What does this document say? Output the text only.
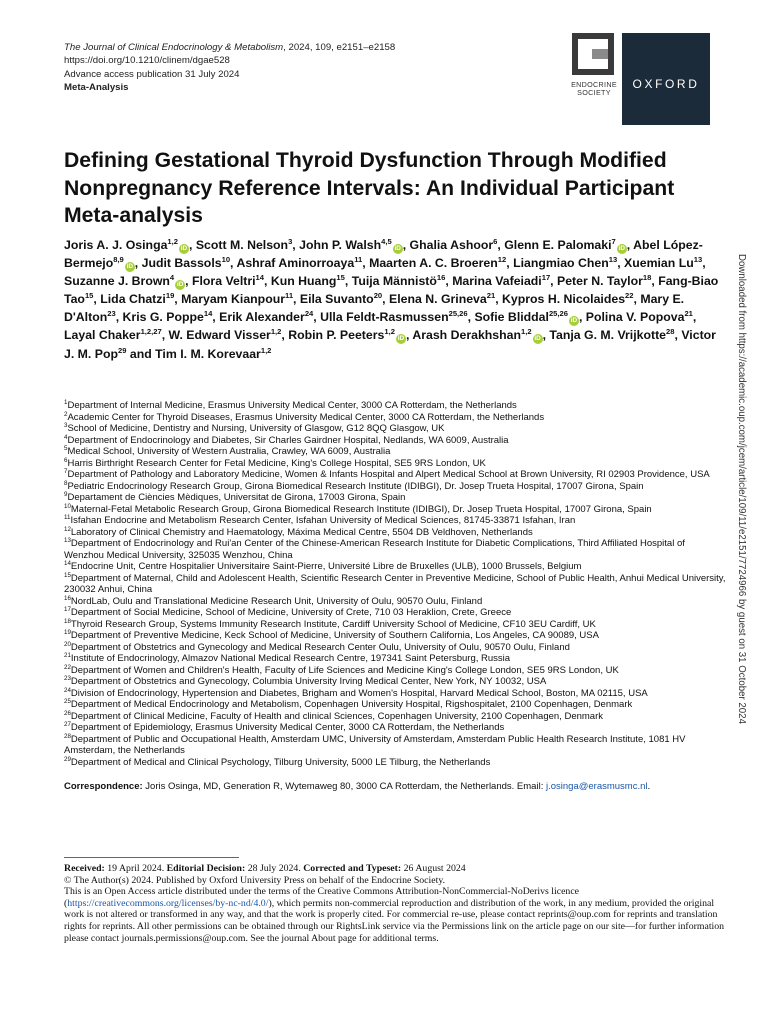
The Journal of Clinical Endocrinology & Metabolism, 2024, 109, e2151–e2158
https://doi.org/10.1210/clinem/dgae528
Advance access publication 31 July 2024
Meta-Analysis	ENDOCRINE SOCIETY
OXFORD
Defining Gestational Thyroid Dysfunction Through Modified Nonpregnancy Reference Intervals: An Individual Participant Meta-analysis
Joris A. J. Osinga$^{1,2}$iD , Scott M. Nelson$^3$, John P. Walsh$^{4,5}$iD , Ghalia Ashoor$^6$, Glenn E. Palomaki$^7$iD , Abel López-Bermejo$^{8,9}$iD , Judit Bassols$^{10}$, Ashraf Aminorroaya$^{11}$, Maarten A. C. Broeren$^{12}$, Liangmiao Chen$^{13}$, Xuemian Lu$^{13}$, Suzanne J. Brown$^4$iD , Flora Veltri$^{14}$, Kun Huang$^{15}$, Tuija Männistö$^{16}$, Marina Vafeiadi$^{17}$, Peter N. Taylor$^{18}$, Fang-Biao Tao$^{15}$, Lida Chatzi$^{19}$, Maryam Kianpour$^{11}$, Eila Suvanto$^{20}$, Elena N. Grineva$^{21}$, Kypros H. Nicolaides$^{22}$, Mary E. D'Alton$^{23}$, Kris G. Poppe$^{14}$, Erik Alexander$^{24}$, Ulla Feldt-Rasmussen$^{25,26}$, Sofie Bliddal$^{25,26}$iD , Polina V. Popova$^{21}$, Layal Chaker$^{1,2,27}$, W. Edward Visser$^{1,2}$, Robin P. Peeters$^{1,2}$iD , Arash Derakhshan$^{1,2}$iD , Tanja G. M. Vrijkotte$^{28}$, Victor J. M. Pop$^{29}$ and Tim I. M. Korevaar$^{1,2}$
$^1$Department of Internal Medicine, Erasmus University Medical Center, 3000 CA Rotterdam, the Netherlands
$^2$Academic Center for Thyroid Diseases, Erasmus University Medical Center, 3000 CA Rotterdam, the Netherlands
$^3$School of Medicine, Dentistry and Nursing, University of Glasgow, G12 8QQ Glasgow, UK
$^4$Department of Endocrinology and Diabetes, Sir Charles Gairdner Hospital, Nedlands, WA 6009, Australia
$^5$Medical School, University of Western Australia, Crawley, WA 6009, Australia
$^6$Harris Birthright Research Center for Fetal Medicine, King's College Hospital, SE5 9RS London, UK
$^7$Department of Pathology and Laboratory Medicine, Women & Infants Hospital and Alpert Medical School at Brown University, RI 02903 Providence, USA
$^8$Pediatric Endocrinology Research Group, Girona Biomedical Research Institute (IDIBGI), Dr. Josep Trueta Hospital, 17007 Girona, Spain
$^9$Departament de Ciències Mèdiques, Universitat de Girona, 17003 Girona, Spain
$^{10}$Maternal-Fetal Metabolic Research Group, Girona Biomedical Research Institute (IDIBGI), Dr. Josep Trueta Hospital, 17007 Girona, Spain
$^{11}$Isfahan Endocrine and Metabolism Research Center, Isfahan University of Medical Sciences, 81745-33871 Isfahan, Iran
$^{12}$Laboratory of Clinical Chemistry and Haematology, Máxima Medical Centre, 5504 DB Veldhoven, Netherlands
$^{13}$Department of Endocrinology and Rui'an Center of the Chinese-American Research Institute for Diabetic Complications, Third Affiliated Hospital of Wenzhou Medical University, 325035 Wenzhou, China
$^{14}$Endocrine Unit, Centre Hospitalier Universitaire Saint-Pierre, Université Libre de Bruxelles (ULB), 1000 Brussels, Belgium
$^{15}$Department of Maternal, Child and Adolescent Health, Scientific Research Center in Preventive Medicine, School of Public Health, Anhui Medical University, 230032 Anhui, China
$^{16}$NordLab, Oulu and Translational Medicine Research Unit, University of Oulu, 90570 Oulu, Finland
$^{17}$Department of Social Medicine, School of Medicine, University of Crete, 710 03 Heraklion, Crete, Greece
$^{18}$Thyroid Research Group, Systems Immunity Research Institute, Cardiff University School of Medicine, CF10 3EU Cardiff, UK
$^{19}$Department of Preventive Medicine, Keck School of Medicine, University of Southern California, Los Angeles, CA 90089, USA
$^{20}$Department of Obstetrics and Gynecology and Medical Research Center Oulu, University of Oulu, 90570 Oulu, Finland
$^{21}$Institute of Endocrinology, Almazov National Medical Research Centre, 197341 Saint Petersburg, Russia
$^{22}$Department of Women and Children's Health, Faculty of Life Sciences and Medicine King's College London, SE5 9RS London, UK
$^{23}$Department of Obstetrics and Gynecology, Columbia University Irving Medical Center, New York, NY 10032, USA
$^{24}$Division of Endocrinology, Hypertension and Diabetes, Brigham and Women's Hospital, Harvard Medical School, Boston, MA 02115, USA
$^{25}$Department of Medical Endocrinology and Metabolism, Copenhagen University Hospital, Rigshospitalet, 2100 Copenhagen, Denmark
$^{26}$Department of Clinical Medicine, Faculty of Health and clinical Sciences, Copenhagen University, 2100 Copenhagen, Denmark
$^{27}$Department of Epidemiology, Erasmus University Medical Center, 3000 CA Rotterdam, the Netherlands
$^{28}$Department of Public and Occupational Health, Amsterdam UMC, University of Amsterdam, Amsterdam Public Health Research Institute, 1081 HV Amsterdam, the Netherlands
$^{29}$Department of Medical and Clinical Psychology, Tilburg University, 5000 LE Tilburg, the Netherlands
Correspondence: Joris Osinga, MD, Generation R, Wytemaweg 80, 3000 CA Rotterdam, the Netherlands. Email: j.osinga@erasmusmc.nl.
Received: 19 April 2024. Editorial Decision: 28 July 2024. Corrected and Typeset: 26 August 2024
© The Author(s) 2024. Published by Oxford University Press on behalf of the Endocrine Society.
This is an Open Access article distributed under the terms of the Creative Commons Attribution-NonCommercial-NoDerivs licence (https://creativecommons.org/licenses/by-nc-nd/4.0/), which permits non-commercial reproduction and distribution of the work, in any medium, provided the original work is not altered or transformed in any way, and that the work is properly cited. For commercial re-use, please contact reprints@oup.com for reprints and translation rights for reprints. All other permissions can be obtained through our RightsLink service via the Permissions link on the article page on our site—for further information please contact journals.permissions@oup.com. See the journal About page for additional terms.
Downloaded from https://academic.oup.com/jcem/article/109/11/e2151/7724966 by guest on 31 October 2024
